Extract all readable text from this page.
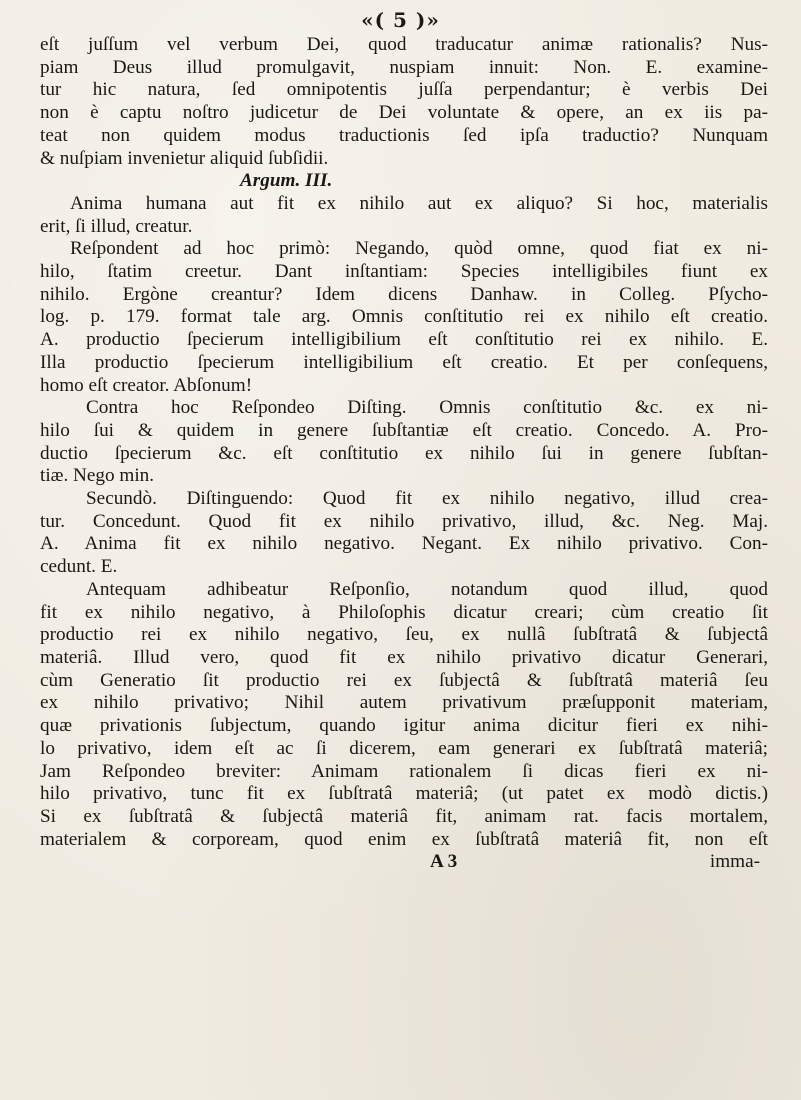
«( 5 )»
eſt juſſum vel verbum Dei, quod traducatur animæ rationalis? Nus-
piam Deus illud promulgavit, nuspiam innuit: Non. E. examine-
tur hic natura, ſed omnipotentis juſſa perpendantur; è verbis Dei
non è captu noſtro judicetur de Dei voluntate & opere, an ex iis pa-
teat non quidem modus traductionis ſed ipſa traductio? Nunquam
& nuſpiam invenietur aliquid ſubſidii.
Argum. III.
Anima humana aut fit ex nihilo aut ex aliquo? Si hoc, materialis
erit, ſi illud, creatur.
Reſpondent ad hoc primò: Negando, quòd omne, quod fiat ex ni-
hilo, ſtatim creetur. Dant inſtantiam: Species intelligibiles fiunt ex
nihilo. Ergòne creantur? Idem dicens Danhaw. in Colleg. Pſycho-
log. p. 179. format tale arg. Omnis conſtitutio rei ex nihilo eſt creatio.
A. productio ſpecierum intelligibilium eſt conſtitutio rei ex nihilo. E.
Illa productio ſpecierum intelligibilium eſt creatio. Et per conſequens,
homo eſt creator. Abſonum!
Contra hoc Reſpondeo Diſting. Omnis conſtitutio &c. ex ni-
hilo ſui & quidem in genere ſubſtantiæ eſt creatio. Concedo. A. Pro-
ductio ſpecierum &c. eſt conſtitutio ex nihilo ſui in genere ſubſtan-
tiæ. Nego min.
Secundò. Diſtinguendo: Quod fit ex nihilo negativo, illud crea-
tur. Concedunt. Quod fit ex nihilo privativo, illud, &c. Neg. Maj.
A. Anima fit ex nihilo negativo. Negant. Ex nihilo privativo. Con-
cedunt. E.
Antequam adhibeatur Reſponſio, notandum quod illud, quod
fit ex nihilo negativo, à Philoſophis dicatur creari; cùm creatio ſit
productio rei ex nihilo negativo, ſeu, ex nullâ ſubſtratâ & ſubjectâ
materiâ. Illud vero, quod fit ex nihilo privativo dicatur Generari,
cùm Generatio ſit productio rei ex ſubjectâ & ſubſtratâ materiâ ſeu
ex nihilo privativo; Nihil autem privativum præſupponit materiam,
quæ privationis ſubjectum, quando igitur anima dicitur fieri ex nihi-
lo privativo, idem eſt ac ſi dicerem, eam generari ex ſubſtratâ materiâ;
Jam Reſpondeo breviter: Animam rationalem ſi dicas fieri ex ni-
hilo privativo, tunc fit ex ſubſtratâ materiâ; (ut patet ex modò dictis.)
Si ex ſubſtratâ & ſubjectâ materiâ fit, animam rat. facis mortalem,
materialem & corpoream, quod enim ex ſubſtratâ materiâ fit, non eſt
A 3	imma-
